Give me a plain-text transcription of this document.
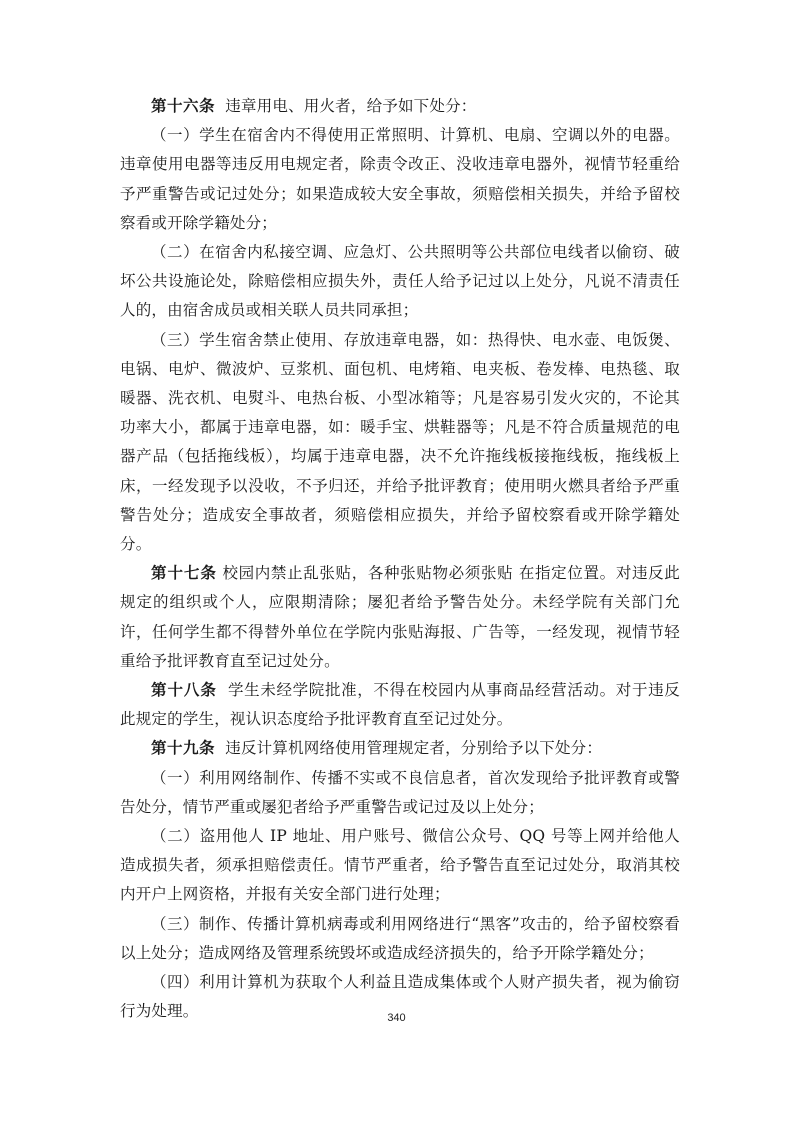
第十六条 违章用电、用火者，给予如下处分：

（一）学生在宿舍内不得使用正常照明、计算机、电扇、空调以外的电器。违章使用电器等违反用电规定者，除责令改正、没收违章电器外，视情节轻重给予严重警告或记过处分；如果造成较大安全事故，须赔偿相关损失，并给予留校察看或开除学籍处分；

（二）在宿舍内私接空调、应急灯、公共照明等公共部位电线者以偷窃、破坏公共设施论处，除赔偿相应损失外，责任人给予记过以上处分，凡说不清责任人的，由宿舍成员或相关联人员共同承担；

（三）学生宿舍禁止使用、存放违章电器，如：热得快、电水壶、电饭煲、电锅、电炉、微波炉、豆浆机、面包机、电烤箱、电夹板、卷发棒、电热毯、取暖器、洗衣机、电熨斗、电热台板、小型冰箱等；凡是容易引发火灾的，不论其功率大小，都属于违章电器，如：暖手宝、烘鞋器等；凡是不符合质量规范的电器产品（包括拖线板），均属于违章电器，决不允许拖线板接拖线板，拖线板上床，一经发现予以没收，不予归还，并给予批评教育；使用明火燃具者给予严重警告处分；造成安全事故者，须赔偿相应损失，并给予留校察看或开除学籍处分。

第十七条 校园内禁止乱张贴，各种张贴物必须张贴 在指定位置。对违反此规定的组织或个人，应限期清除；屡犯者给予警告处分。未经学院有关部门允许，任何学生都不得替外单位在学院内张贴海报、广告等，一经发现，视情节轻重给予批评教育直至记过处分。

第十八条 学生未经学院批准，不得在校园内从事商品经营活动。对于违反此规定的学生，视认识态度给予批评教育直至记过处分。

第十九条 违反计算机网络使用管理规定者，分别给予以下处分：

（一）利用网络制作、传播不实或不良信息者，首次发现给予批评教育或警告处分，情节严重或屡犯者给予严重警告或记过及以上处分；

（二）盗用他人 IP 地址、用户账号、微信公众号、QQ 号等上网并给他人造成损失者，须承担赔偿责任。情节严重者，给予警告直至记过处分，取消其校内开户上网资格，并报有关安全部门进行处理；

（三）制作、传播计算机病毒或利用网络进行“黑客”攻击的，给予留校察看以上处分；造成网络及管理系统毁坏或造成经济损失的，给予开除学籍处分；

（四）利用计算机为获取个人利益且造成集体或个人财产损失者，视为偷窃行为处理。	340
